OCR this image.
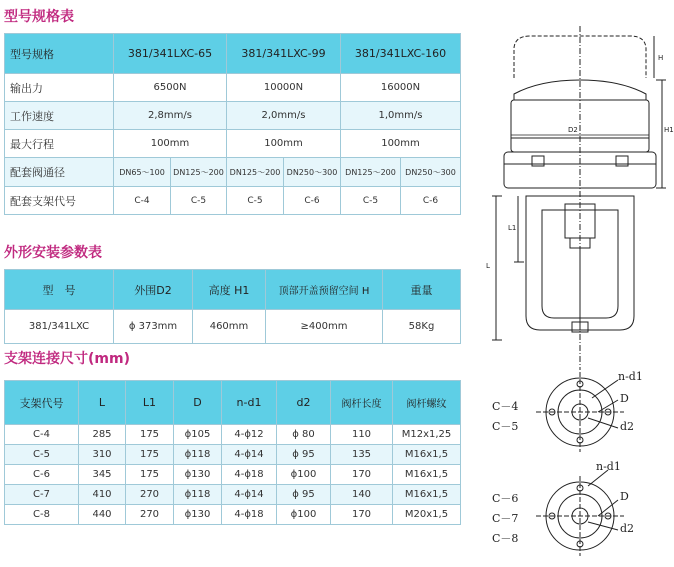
型号规格表
型号规格	381/341LXC-65		381/341LXC-99		381/341LXC-160	
输出力	6500N		10000N		16000N	
工作速度	2,8mm/s		2,0mm/s		1,0mm/s	
最大行程	100mm		100mm		100mm	
配套阀通径	DN65～100	DN125～200	DN125～200	DN250～300	DN125～200	DN250～300
配套支架代号	C-4	C-5	C-5	C-6	C-5	C-6
外形安装参数表
型　号	外围D2	高度 H1	顶部开盖预留空间 H	重量
381/341LXC	ϕ 373mm	460mm	≥400mm	58Kg
支架连接尺寸(mm)
支架代号	L	L1	D	n-d1	d2	阀杆长度	阀杆螺纹
C-4	285	175	ϕ105	4-ϕ12	ϕ 80	110	M12x1,25
C-5	310	175	ϕ118	4-ϕ14	ϕ 95	135	M16x1,5
C-6	345	175	ϕ130	4-ϕ18	ϕ100	170	M16x1,5
C-7	410	270	ϕ118	4-ϕ14	ϕ 95	140	M16x1,5
C-8	440	270	ϕ130	4-ϕ18	ϕ100	170	M20x1,5
D2
H
H1
L
L1
C－4
C－5
n-d1
D
d2
C－6
C－7
C－8
n-d1
D
d2
